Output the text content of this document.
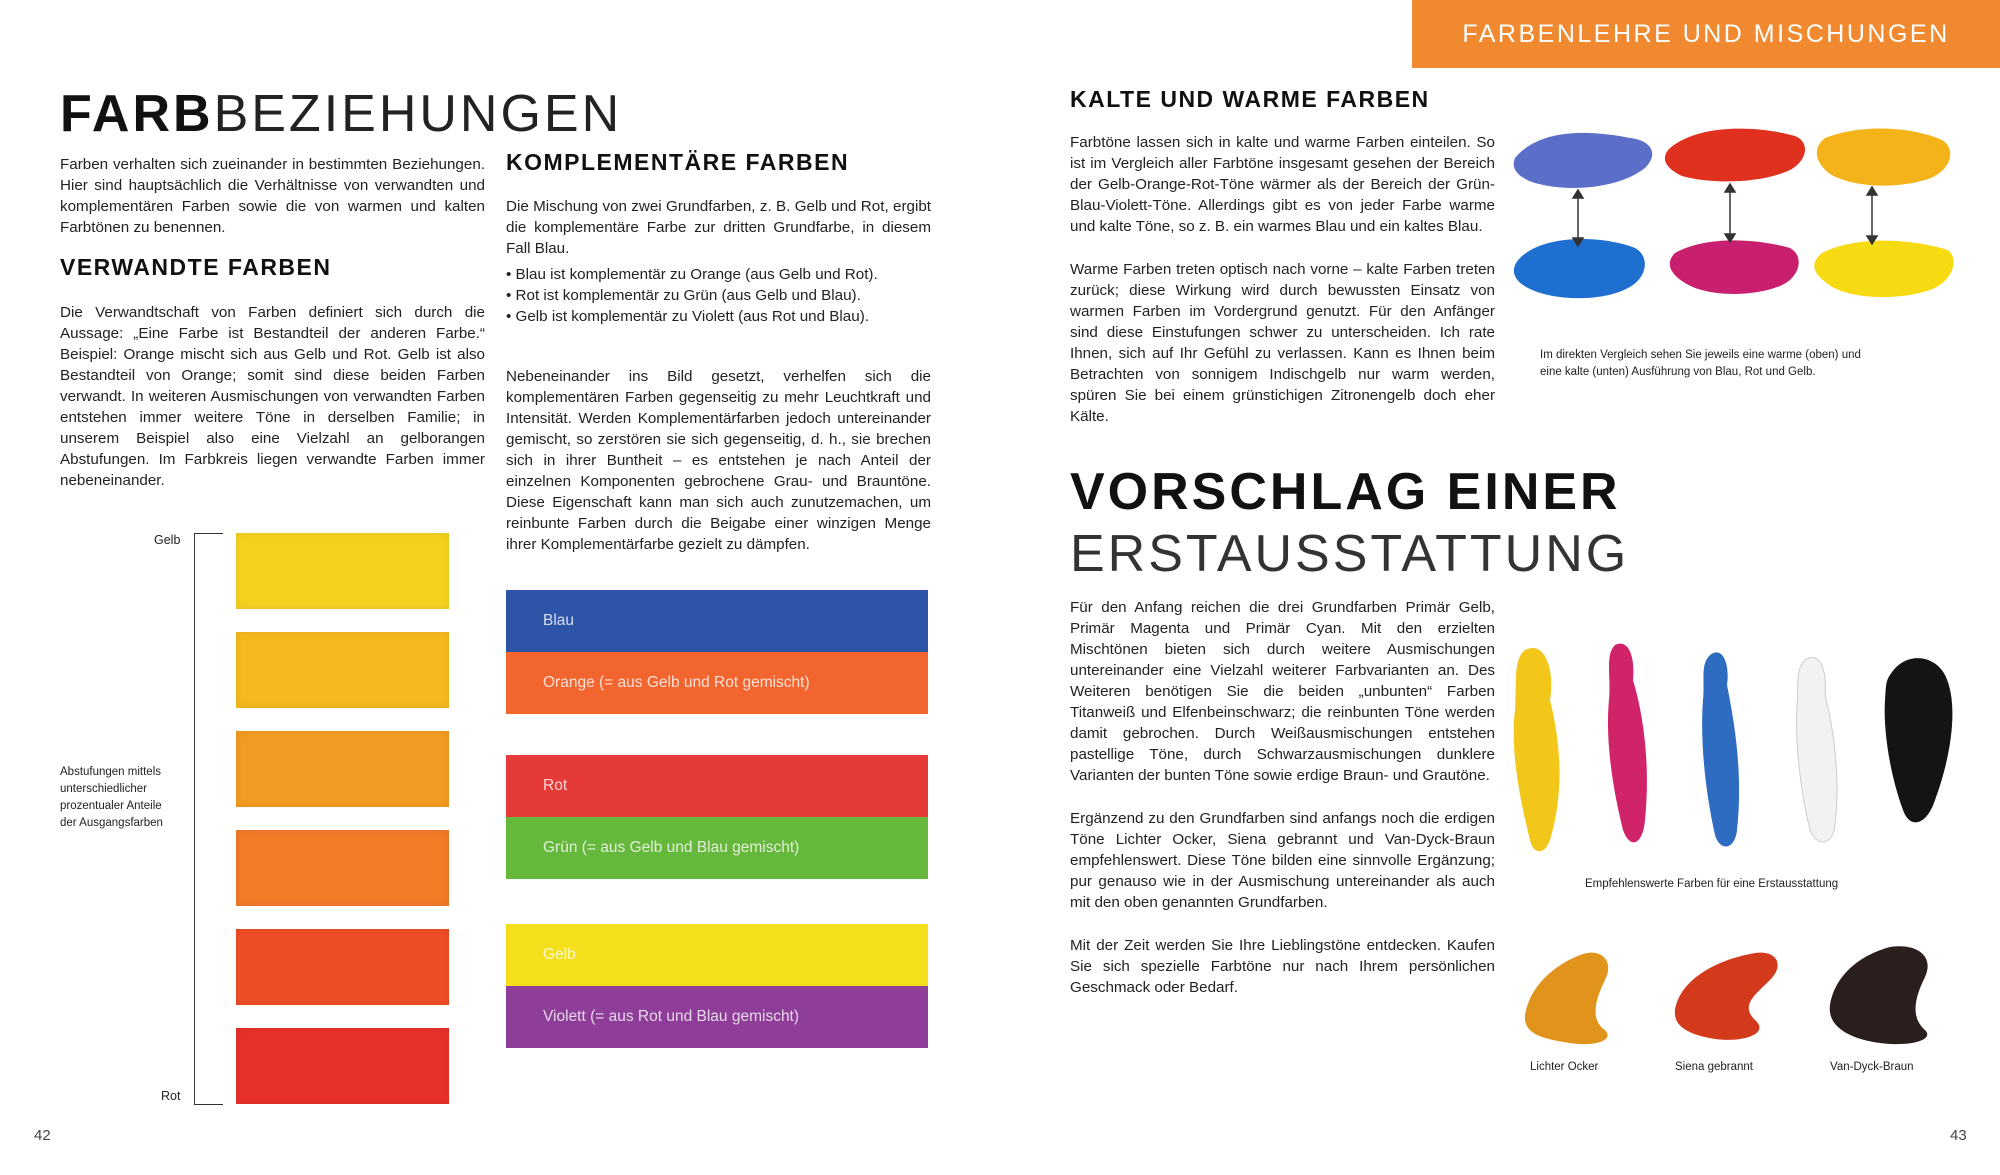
FARBENLEHRE UND MISCHUNGEN
FARBBEZIEHUNGEN
Farben verhalten sich zueinander in bestimmten Beziehungen. Hier sind hauptsächlich die Verhältnisse von verwandten und komplementären Farben sowie die von warmen und kalten Farbtönen zu benennen.
VERWANDTE FARBEN
Die Verwandtschaft von Farben definiert sich durch die Aussage: „Eine Farbe ist Bestandteil der anderen Farbe.“ Beispiel: Orange mischt sich aus Gelb und Rot. Gelb ist also Bestandteil von Orange; somit sind diese beiden Farben verwandt. In weiteren Ausmischungen von verwandten Farben entstehen immer weitere Töne in derselben Familie; in unserem Beispiel also eine Vielzahl an gelborangen Abstufungen. Im Farbkreis liegen verwandte Farben immer nebeneinander.
Gelb
Rot
Abstufungen mittels unterschiedlicher prozentualer Anteile der Ausgangsfarben
KOMPLEMENTÄRE FARBEN
Die Mischung von zwei Grundfarben, z. B. Gelb und Rot, ergibt die komplementäre Farbe zur dritten Grundfarbe, in diesem Fall Blau.
• Blau ist komplementär zu Orange (aus Gelb und Rot).
• Rot ist komplementär zu Grün (aus Gelb und Blau).
• Gelb ist komplementär zu Violett (aus Rot und Blau).
Nebeneinander ins Bild gesetzt, verhelfen sich die komplementären Farben gegenseitig zu mehr Leuchtkraft und Intensität. Werden Komplementärfarben jedoch untereinander gemischt, so zerstören sie sich gegenseitig, d. h., sie brechen sich in ihrer Buntheit – es entstehen je nach Anteil der einzelnen Komponenten gebrochene Grau- und Brauntöne. Diese Eigenschaft kann man sich auch zunutzemachen, um reinbunte Farben durch die Beigabe einer winzigen Menge ihrer Komplementärfarbe gezielt zu dämpfen.
Blau
Orange (= aus Gelb und Rot gemischt)
Rot
Grün (= aus Gelb und Blau gemischt)
Gelb
Violett (= aus Rot und Blau gemischt)
42
KALTE UND WARME FARBEN
Farbtöne lassen sich in kalte und warme Farben einteilen. So ist im Vergleich aller Farbtöne insgesamt gesehen der Bereich der Gelb-Orange-Rot-Töne wärmer als der Bereich der Grün-Blau-Violett-Töne. Allerdings gibt es von jeder Farbe warme und kalte Töne, so z. B. ein warmes Blau und ein kaltes Blau.
Warme Farben treten optisch nach vorne – kalte Farben treten zurück; diese Wirkung wird durch bewussten Einsatz von warmen Farben im Vordergrund genutzt. Für den Anfänger sind diese Einstufungen schwer zu unterscheiden. Ich rate Ihnen, sich auf Ihr Gefühl zu verlassen. Kann es Ihnen beim Betrachten von sonnigem Indischgelb nur warm werden, spüren Sie bei einem grünstichigen Zitronengelb doch eher Kälte.
Im direkten Vergleich sehen Sie jeweils eine warme (oben) und eine kalte (unten) Ausführung von Blau, Rot und Gelb.
VORSCHLAG EINER
ERSTAUSSTATTUNG
Für den Anfang reichen die drei Grundfarben Primär Gelb, Primär Magenta und Primär Cyan. Mit den erzielten Mischtönen bieten sich durch weitere Ausmischungen untereinander eine Vielzahl weiterer Farbvarianten an. Des Weiteren benötigen Sie die beiden „unbunten“ Farben Titanweiß und Elfenbeinschwarz; die reinbunten Töne werden damit gebrochen. Durch Weißausmischungen entstehen pastellige Töne, durch Schwarzausmischungen dunklere Varianten der bunten Töne sowie erdige Braun- und Grautöne.
Ergänzend zu den Grundfarben sind anfangs noch die erdigen Töne Lichter Ocker, Siena gebrannt und Van-Dyck-Braun empfehlenswert. Diese Töne bilden eine sinnvolle Ergänzung; pur genauso wie in der Ausmischung untereinander als auch mit den oben genannten Grundfarben.
Mit der Zeit werden Sie Ihre Lieblingstöne entdecken. Kaufen Sie sich spezielle Farbtöne nur nach Ihrem persönlichen Geschmack oder Bedarf.
Empfehlenswerte Farben für eine Erstausstattung
Lichter Ocker	Siena gebrannt	Van-Dyck-Braun
43
